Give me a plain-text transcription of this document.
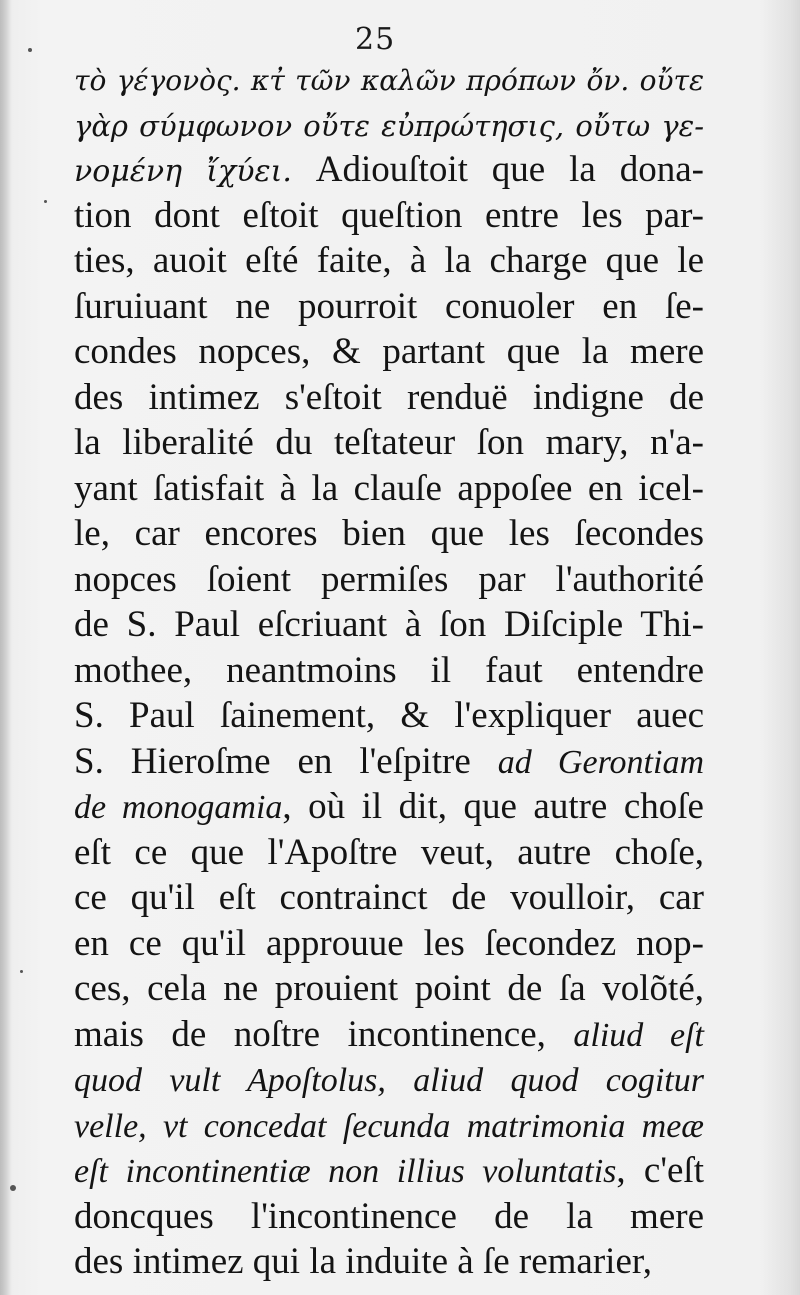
25
τὸ γέγονὸς. κτ̓ τῶν καλῶν πρόπων ὄν. οὔτε
γὰρ σύμφωνον οὔτε εὐπρώτησις, οὔτω γε-
νομένη ἴχύει. Adiouſtoit que la dona-
tion dont eſtoit queſtion entre les par-
ties, auoit eſté faite, à la charge que le
ſuruiuant ne pourroit conuoler en ſe-
condes nopces, & partant que la mere
des intimez s'eſtoit renduë indigne de
la liberalité du teſtateur ſon mary, n'a-
yant ſatisfait à la clauſe appoſee en icel-
le, car encores bien que les ſecondes
nopces ſoient permiſes par l'authorité
de S. Paul eſcriuant à ſon Diſciple Thi-
mothee, neantmoins il faut entendre
S. Paul ſainement, & l'expliquer auec
S. Hieroſme en l'eſpitre ad Gerontiam
de monogamia, où il dit, que autre choſe
eſt ce que l'Apoſtre veut, autre choſe,
ce qu'il eſt contrainct de voulloir, car
en ce qu'il approuue les ſecondez nop-
ces, cela ne prouient point de ſa volõté,
mais de noſtre incontinence, aliud eſt
quod vult Apoſtolus, aliud quod cogitur
velle, vt concedat ſecunda matrimonia meæ
eſt incontinentiæ non illius voluntatis, c'eſt
doncques l'incontinence de la mere
des intimez qui la induite à ſe remarier,
